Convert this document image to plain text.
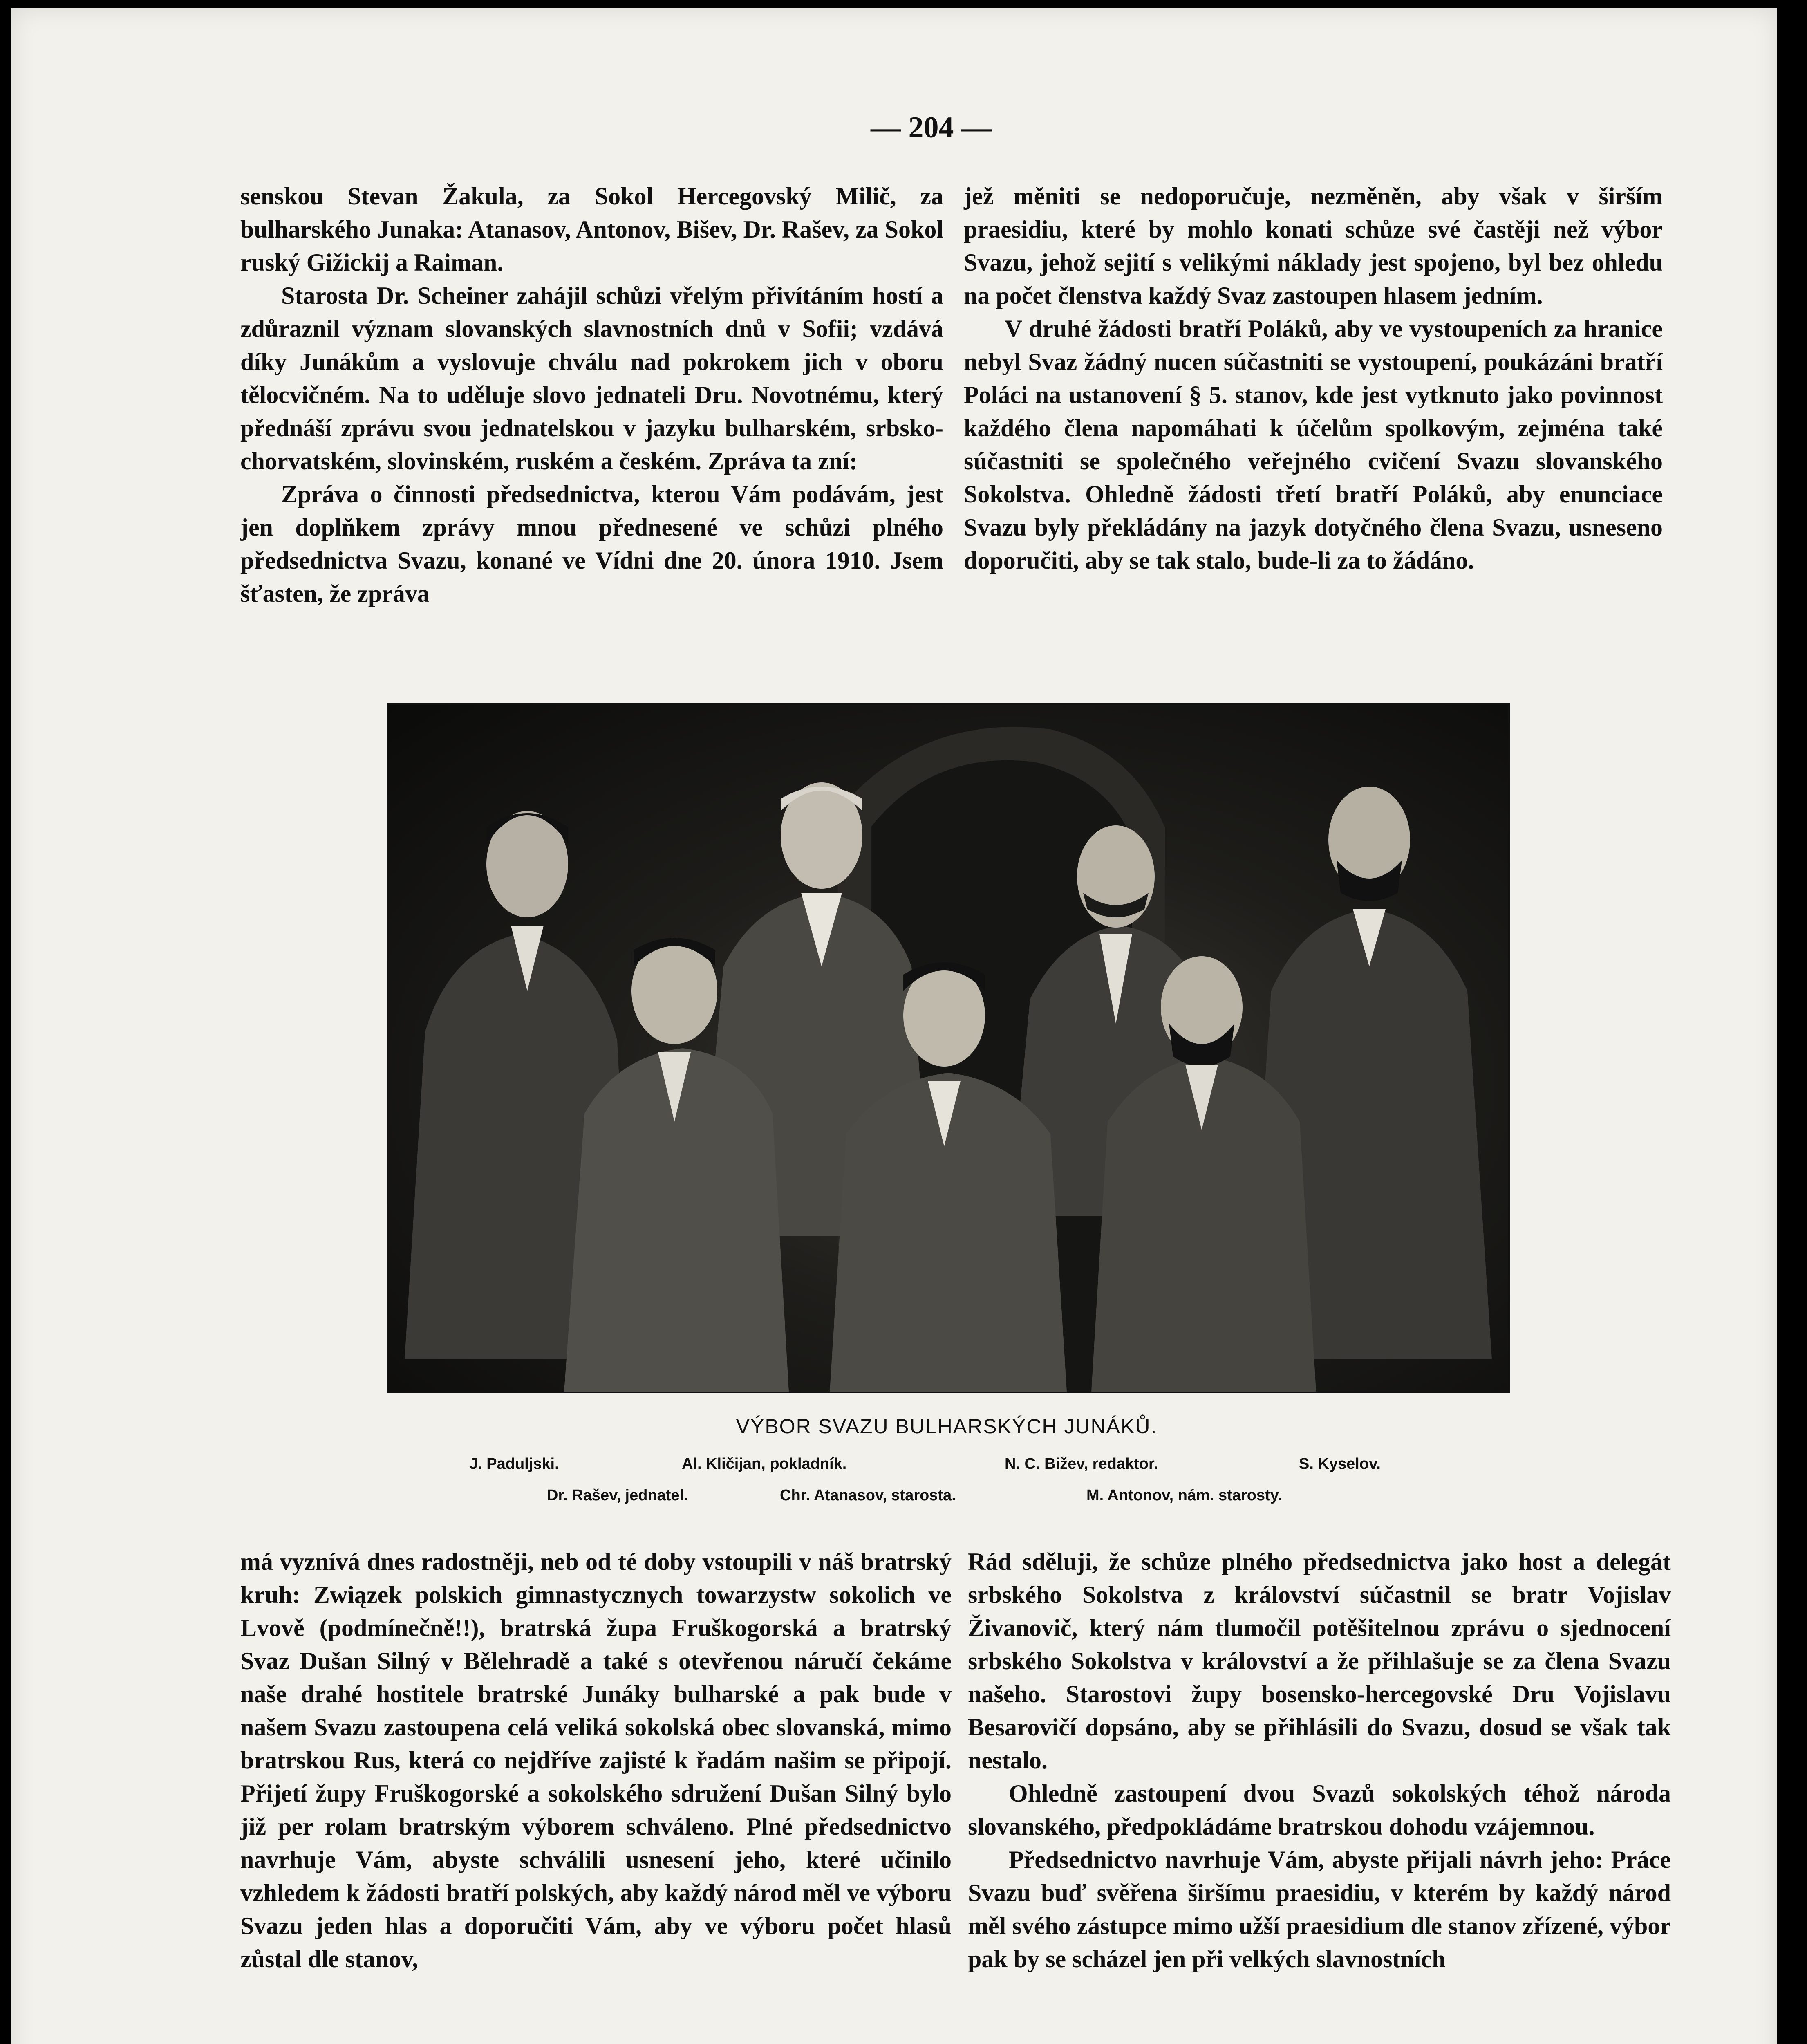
— 204 —

senskou Stevan Žakula, za Sokol Hercegovský Milič, za bulharského Junaka: Atanasov, Antonov, Bišev, Dr. Rašev, za Sokol ruský Gižickij a Raiman.

Starosta Dr. Scheiner zahájil schůzi vřelým přivítáním hostí a zdůraznil význam slovanských slavnostních dnů v Sofii; vzdává díky Junákům a vyslovuje chválu nad pokrokem jich v oboru tělocvičném. Na to uděluje slovo jednateli Dru. Novotnému, který přednáší zprávu svou jednatelskou v jazyku bulharském, srbsko-chorvatském, slovinském, ruském a českém. Zpráva ta zní:

Zpráva o činnosti předsednictva, kterou Vám podávám, jest jen doplňkem zprávy mnou přednesené ve schůzi plného předsednictva Svazu, konané ve Vídni dne 20. února 1910. Jsem šťasten, že zpráva

jež měniti se nedoporučuje, nezměněn, aby však v širším praesidiu, které by mohlo konati schůze své častěji než výbor Svazu, jehož sejití s velikými náklady jest spojeno, byl bez ohledu na počet členstva každý Svaz zastoupen hlasem jedním.

V druhé žádosti bratří Poláků, aby ve vystoupeních za hranice nebyl Svaz žádný nucen súčastniti se vystoupení, poukázáni bratří Poláci na ustanovení § 5. stanov, kde jest vytknuto jako povinnost každého člena napomáhati k účelům spolkovým, zejména také súčastniti se společného veřejného cvičení Svazu slovanského Sokolstva. Ohledně žádosti třetí bratří Poláků, aby enunciace Svazu byly překládány na jazyk dotyčného člena Svazu, usneseno doporučiti, aby se tak stalo, bude-li za to žádáno.

VÝBOR SVAZU BULHARSKÝCH JUNÁKŮ.
J. Paduljski.	Al. Kličijan, pokladník.	N. C. Bižev, redaktor.	S. Kyselov.
Dr. Rašev, jednatel.	Chr. Atanasov, starosta.	M. Antonov, nám. starosty.

má vyznívá dnes radostněji, neb od té doby vstoupili v náš bratrský kruh: Związek polskich gimnastycznych towarzystw sokolich ve Lvově (podmínečně!!), bratrská župa Fruškogorská a bratrský Svaz Dušan Silný v Bělehradě a také s otevřenou náručí čekáme naše drahé hostitele bratrské Junáky bulharské a pak bude v našem Svazu zastoupena celá veliká sokolská obec slovanská, mimo bratrskou Rus, která co nejdříve zajisté k řadám našim se připojí. Přijetí župy Fruškogorské a sokolského sdružení Dušan Silný bylo již per rolam bratrským výborem schváleno. Plné předsednictvo navrhuje Vám, abyste schválili usnesení jeho, které učinilo vzhledem k žádosti bratří polských, aby každý národ měl ve výboru Svazu jeden hlas a doporučiti Vám, aby ve výboru počet hlasů zůstal dle stanov,

Rád sděluji, že schůze plného předsednictva jako host a delegát srbského Sokolstva z království súčastnil se bratr Vojislav Živanovič, který nám tlumočil potěšitelnou zprávu o sjednocení srbského Sokolstva v království a že přihlašuje se za člena Svazu našeho. Starostovi župy bosensko-hercegovské Dru Vojislavu Besarovičí dopsáno, aby se přihlásili do Svazu, dosud se však tak nestalo.

Ohledně zastoupení dvou Svazů sokolských téhož národa slovanského, předpokládáme bratrskou dohodu vzájemnou.

Předsednictvo navrhuje Vám, abyste přijali návrh jeho: Práce Svazu buď svěřena širšímu praesidiu, v kterém by každý národ měl svého zástupce mimo užší praesidium dle stanov zřízené, výbor pak by se scházel jen při velkých slavnostních
